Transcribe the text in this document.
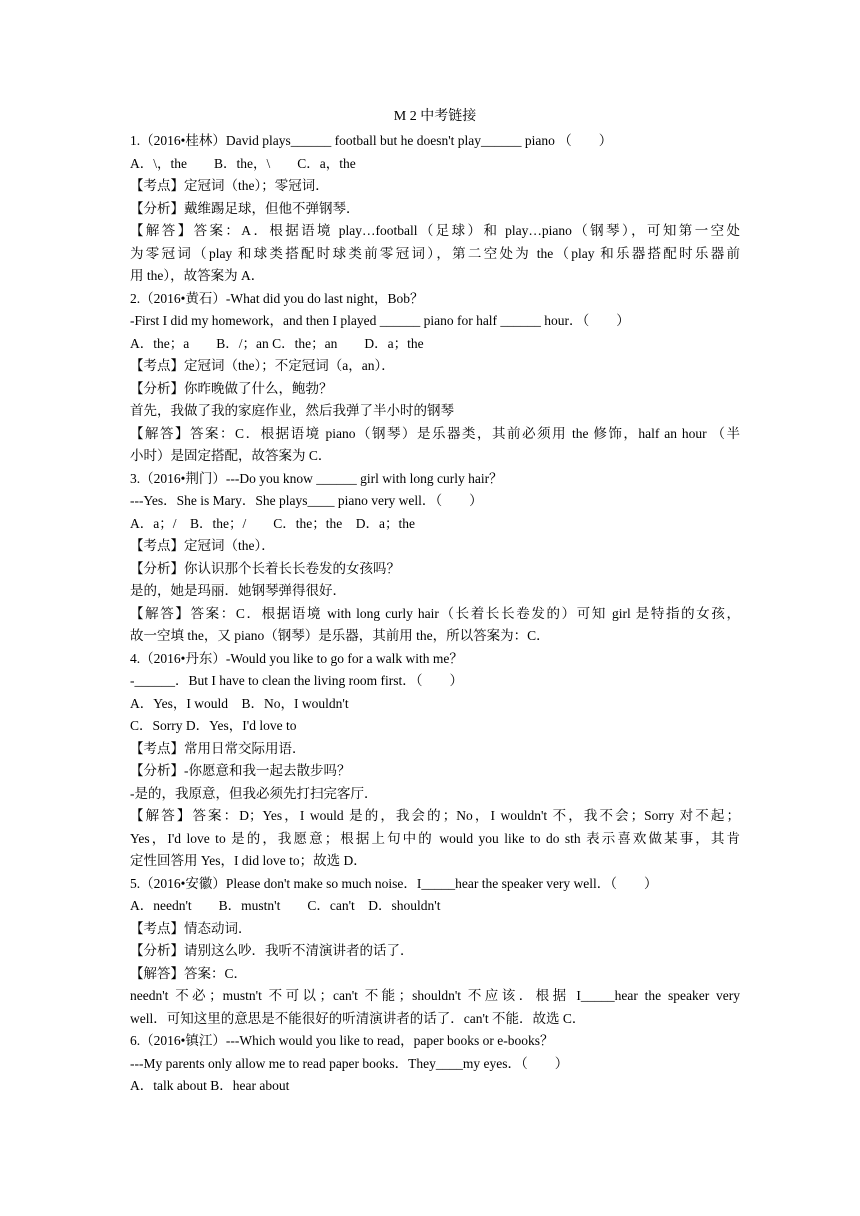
M 2 中考链接
1.（2016•桂林）David plays______ football but he doesn't play______ piano （　　）
A．\，the　　B．the，\　　C．a，the
【考点】定冠词（the）；零冠词．
【分析】戴维踢足球，但他不弹钢琴．
【解答】答案：A．根据语境 play…football（足球）和 play…piano（钢琴），可知第一空处
为零冠词（play 和球类搭配时球类前零冠词），第二空处为 the（play 和乐器搭配时乐器前
用 the），故答案为 A．
2.（2016•黄石）-What did you do last night，Bob？
-First I did my homework，and then I played ______ piano for half ______ hour．（　　）
A．the；a　　B．/；an C．the；an　　D．a；the
【考点】定冠词（the）；不定冠词（a，an）．
【分析】你昨晚做了什么，鲍勃？
首先，我做了我的家庭作业，然后我弹了半小时的钢琴
【解答】答案：C．根据语境 piano（钢琴）是乐器类，其前必须用 the 修饰，half an hour （半
小时）是固定搭配，故答案为 C．
3.（2016•荆门）---Do you know ______ girl with long curly hair？
---Yes．She is Mary．She plays____ piano very well．（　　）
A．a；/　B．the；/　　C．the；the　D．a；the
【考点】定冠词（the）．
【分析】你认识那个长着长长卷发的女孩吗？
是的，她是玛丽．她钢琴弹得很好．
【解答】答案：C．根据语境 with long curly hair（长着长长卷发的）可知 girl 是特指的女孩，
故一空填 the，又 piano（钢琴）是乐器，其前用 the，所以答案为：C．
4.（2016•丹东）-Would you like to go for a walk with me？
-______．But I have to clean the living room first．（　　）
A．Yes，I would　B．No，I wouldn't
C．Sorry D．Yes，I'd love to
【考点】常用日常交际用语．
【分析】-你愿意和我一起去散步吗？
-是的，我原意，但我必须先打扫完客厅．
【解答】答案：D；Yes，I would 是的，我会的；No，I wouldn't 不，我不会；Sorry 对不起；
Yes，I'd love to 是的，我愿意；根据上句中的 would you like to do sth 表示喜欢做某事，其肯
定性回答用 Yes，I did love to；故选 D．
5.（2016•安徽）Please don't make so much noise．I_____hear the speaker very well．（　　）
A．needn't　　B．mustn't　　C．can't　D．shouldn't
【考点】情态动词．
【分析】请别这么吵．我听不清演讲者的话了．
【解答】答案：C．
needn't 不必；mustn't 不可以；can't 不能；shouldn't 不应该．根据 I_____hear the speaker very
well．可知这里的意思是不能很好的听清演讲者的话了．can't 不能．故选 C．
6.（2016•镇江）---Which would you like to read，paper books or e-books？
---My parents only allow me to read paper books．They____my eyes．（　　）
A．talk about B．hear about
